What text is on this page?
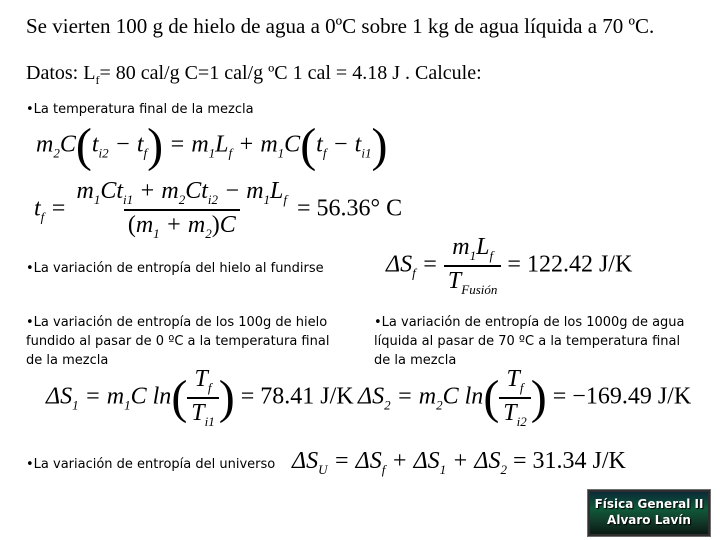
Se vierten 100 g de hielo de agua a 0ºC sobre 1 kg de agua líquida a 70 ºC.
Datos: $L_f= 80$ cal/g C=1 cal/g ºC 1 cal = 4.18 J . Calcule:
•La temperatura final de la mezcla
$m_2C(t_{i2} - t_f) = m_1L_f + m_1C(t_f - t_{i1})$
$t_f = \frac{m_1Ct_{i1} + m_2Ct_{i2} - m_1L_f}{(m_1 + m_2)C} = 56.36^\circ$ C
•La variación de entropía del hielo al fundirse	$\Delta S_f = \frac{m_1L_f}{T_{Fusión}} = 122.42$ J/K
•La variación de entropía de los 100g de hielo fundido al pasar de 0 ºC a la temperatura final de la mezcla
•La variación de entropía de los 1000g de agua líquida al pasar de 70 ºC a la temperatura final de la mezcla
$\Delta S_1 = m_1C$ $\ln( \frac{T_f}{T_{i1}}$ ) = 78.41 J/K $\Delta S_2 = m_2C$ $\ln( \frac{T_f}{T_{i2}}$ ) = −169.49 J/K
•La variación de entropía del universo $\Delta S_U = \Delta S_f + \Delta S_1 + \Delta S_2 = 31.34$ J/K
Física General II
Alvaro Lavín
